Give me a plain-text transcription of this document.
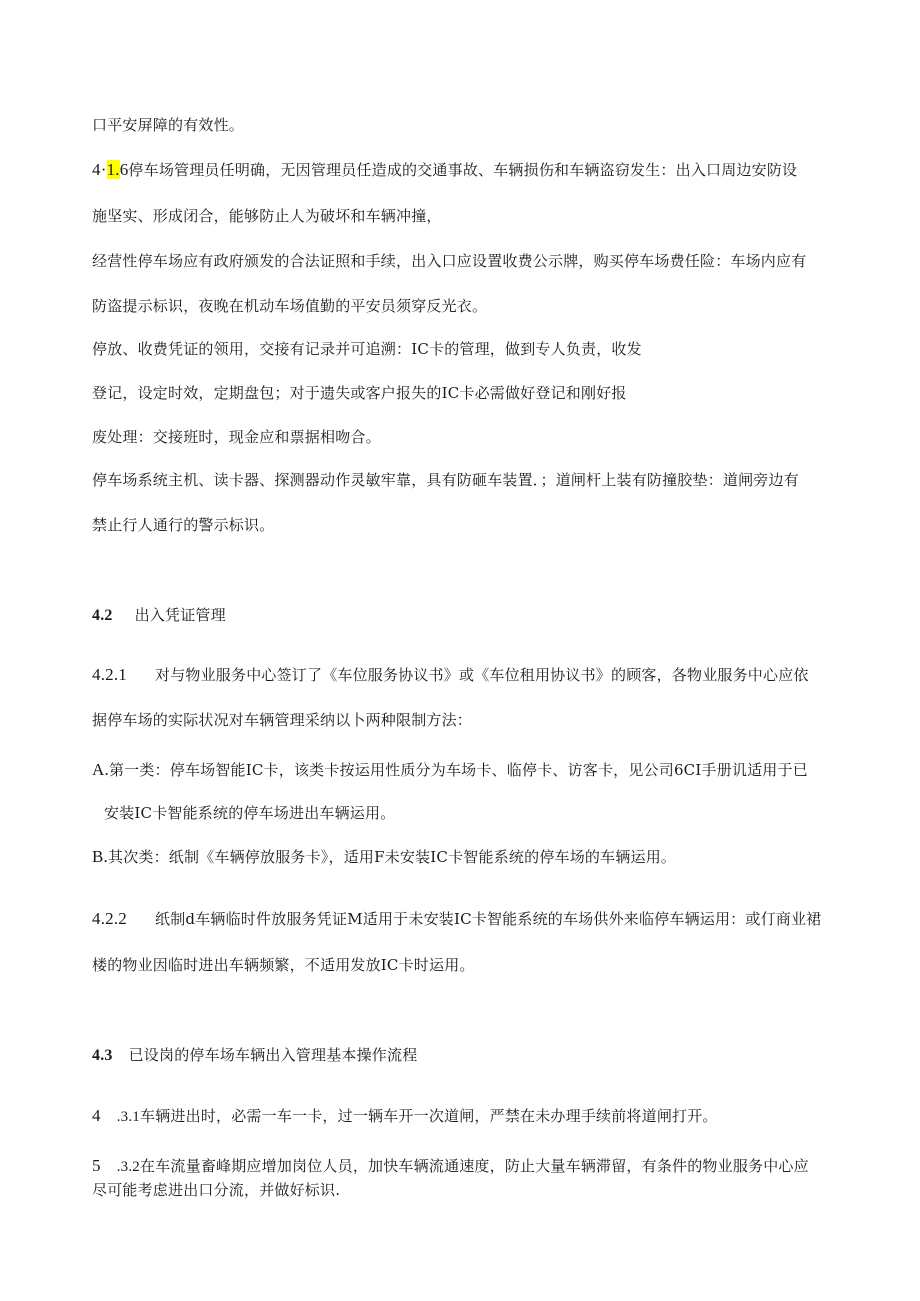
口平安屏障的有效性。
4·1.6停车场管理员任明确，无因管理员任造成的交通事故、车辆损伤和车辆盗窃发生：出入口周边安防设
施坚实、形成闭合，能够防止人为破坏和车辆冲撞，
经营性停车场应有政府颁发的合法证照和手续，出入口应设置收费公示牌，购买停车场费任险：车场内应有
防盗提示标识，夜晚在机动车场值勤的平安员须穿反光衣。
停放、收费凭证的领用，交接有记录并可追溯：IC卡的管理，做到专人负责，收发
登记，设定时效，定期盘包；对于遗失或客户报失的IC卡必需做好登记和刚好报
废处理：交接班时，现金应和票据相吻合。
停车场系统主机、读卡器、探测器动作灵敏牢靠，具有防砸车装置．；道闸杆上装有防撞胶垫：道闸旁边有
禁止行人通行的警示标识。
4.2 出入凭证管理
4.2.1 对与物业服务中心签订了《车位服务协议书》或《车位租用协议书》的顾客，各物业服务中心应依
据停车场的实际状况对车辆管理采纳以卜两种限制方法：
A.第一类：停车场智能IC卡，该类卡按运用性质分为车场卡、临停卡、访客卡，见公司6CI手册讥适用于已
安装IC卡智能系统的停车场进出车辆运用。
B.其次类：纸制《车辆停放服务卡》，适用F未安装IC卡智能系统的停车场的车辆运用。
4.2.2 纸制d车辆临时件放服务凭证M适用于未安装IC卡智能系统的车场供外来临停车辆运用：或仃商业裙
楼的物业因临时进出车辆频繁，不适用发放IC卡时运用。
4.3 已设岗的停车场车辆出入管理基本操作流程
4 .3.1车辆进出时，必需一车一卡，过一辆车开一次道闸，严禁在未办理手续前将道闸打开。
5 .3.2在车流量畜峰期应增加岗位人员，加快车辆流通速度，防止大量车辆滞留，有条件的物业服务中心应
尽可能考虑进出口分流，并做好标识.
